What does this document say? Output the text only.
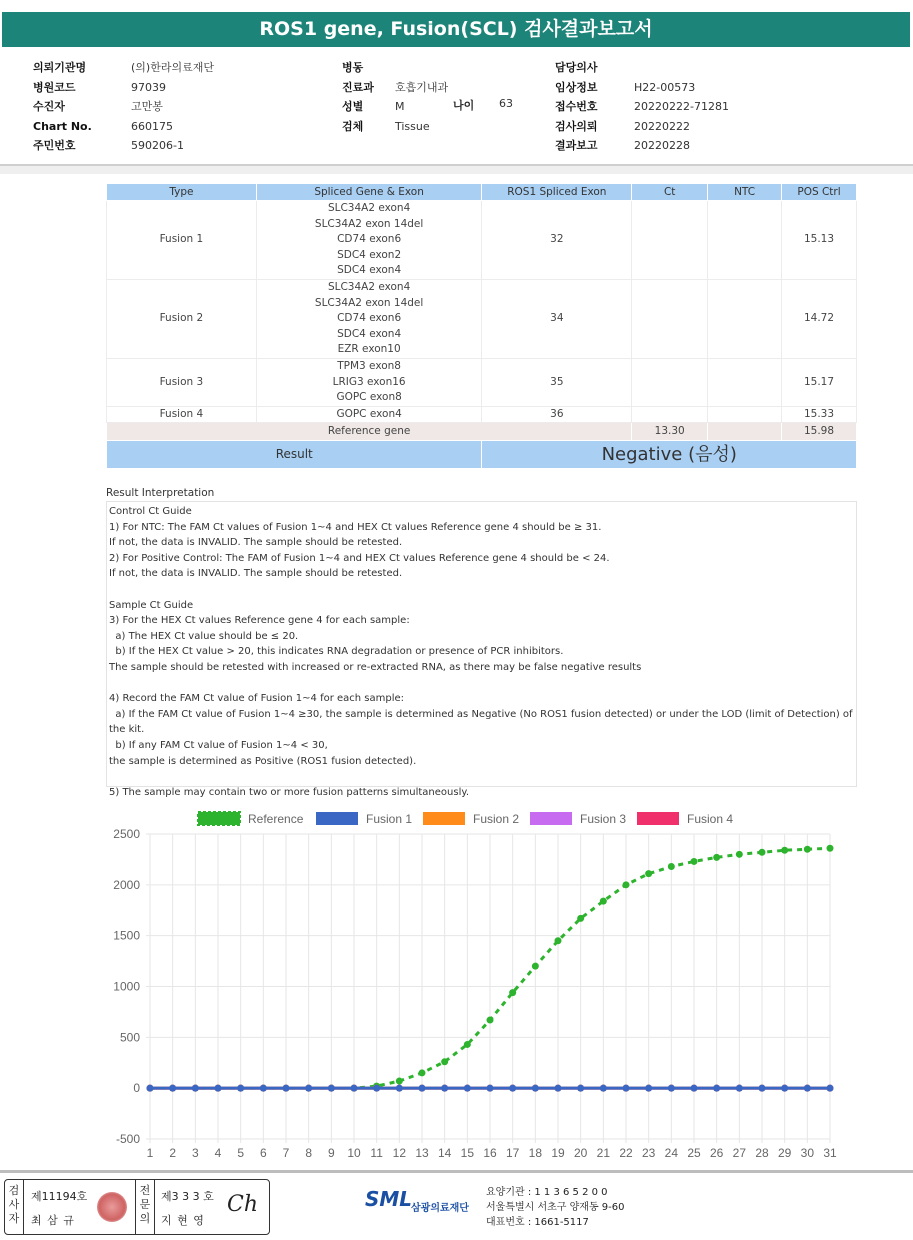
ROS1 gene, Fusion(SCL) 검사결과보고서
의뢰기관명	(의)한라의료재단
병원코드	97039
수진자	고만봉
Chart No.	660175
주민번호	590206-1
병동
진료과 호흡기내과
성별	M
검체	Tissue
담당의사
임상정보	H22-00573
접수번호	20220222-71281
검사의뢰	20220222
결과보고	20220228
나이 63
Type	Spliced Gene & Exon	ROS1 Spliced Exon	Ct	NTC	POS Ctrl
Fusion 1	SLC34A2 exon4
SLC34A2 exon 14del
CD74 exon6
SDC4 exon2
SDC4 exon4	32			15.13
Fusion 2	SLC34A2 exon4
SLC34A2 exon 14del
CD74 exon6
SDC4 exon4
EZR exon10	34			14.72
Fusion 3	TPM3 exon8
LRIG3 exon16
GOPC exon8	35			15.17
Fusion 4	GOPC exon4	36			15.33
Reference gene			13.30		15.98
Result		Negative (음성)			
Result Interpretation
Control Ct Guide
1) For NTC: The FAM Ct values of Fusion 1~4 and HEX Ct values Reference gene 4 should be ≥ 31.
If not, the data is INVALID. The sample should be retested.
2) For Positive Control: The FAM of Fusion 1~4 and HEX Ct values Reference gene 4 should be < 24.
If not, the data is INVALID. The sample should be retested.
Sample Ct Guide
3) For the HEX Ct values Reference gene 4 for each sample:
a) The HEX Ct value should be ≤ 20.
b) If the HEX Ct value > 20, this indicates RNA degradation or presence of PCR inhibitors.
The sample should be retested with increased or re-extracted RNA, as there may be false negative results
4) Record the FAM Ct value of Fusion 1~4 for each sample:
a) If the FAM Ct value of Fusion 1~4 ≥30, the sample is determined as Negative (No ROS1 fusion detected) or under the LOD (limit of Detection) of the kit.
b) If any FAM Ct value of Fusion 1~4 < 30,
the sample is determined as Positive (ROS1 fusion detected).
5) The sample may contain two or more fusion patterns simultaneously.
1 2 3 4 5 6 7 8 9 10 11 12 13 14 15 16 17 18 19 20 21 22 23 24 25 26 27 28 29 30 31
-500
0
500
1000
1500
2000
2500
Reference	Fusion 1	Fusion 2	Fusion 3	Fusion 4
검사자
제11194호
최 삼 규
전문의
제3 3 3 호
지 현 영
Ch	SML
삼광의료재단
요양기관 : 1 1 3 6 5 2 0 0
서울특별시 서초구 양재동 9-60
대표번호 : 1661-5117
